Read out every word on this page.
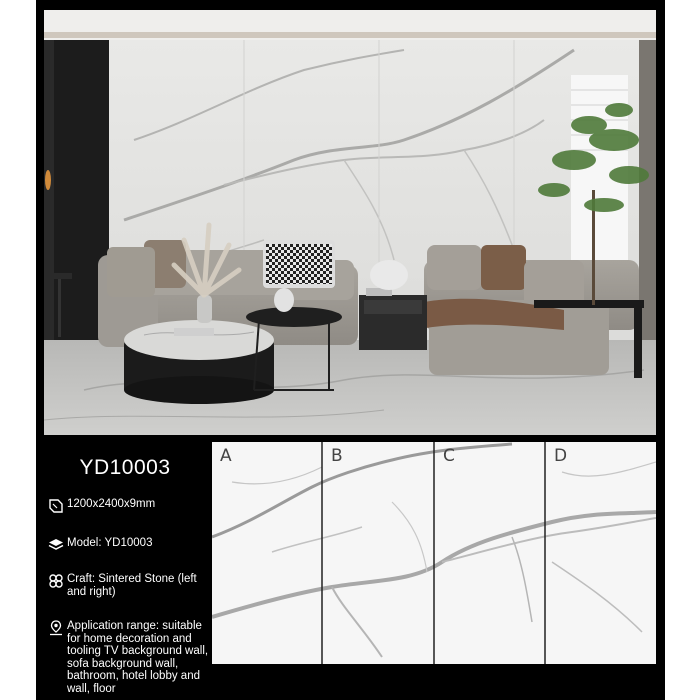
YD10003
1200x2400x9mm
Model: YD10003
Craft: Sintered Stone (left and right)
Application range: suitable for home decoration and tooling TV background wall, sofa background wall, bathroom, hotel lobby and wall, floor
A	B	C	D
